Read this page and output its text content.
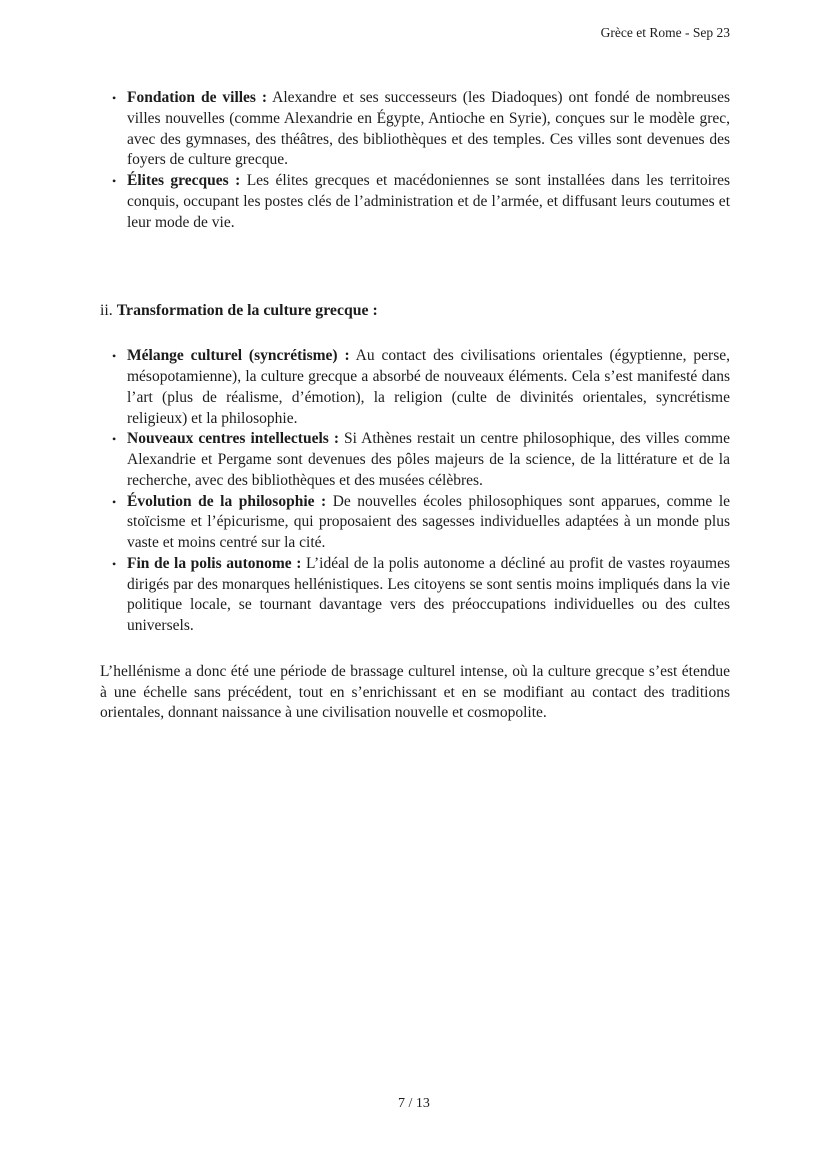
Grèce et Rome - Sep 23
• Fondation de villes : Alexandre et ses successeurs (les Diadoques) ont fondé de nombreuses villes nouvelles (comme Alexandrie en Égypte, Antioche en Syrie), conçues sur le modèle grec, avec des gymnases, des théâtres, des bibliothèques et des temples. Ces villes sont devenues des foyers de culture grecque.
• Élites grecques : Les élites grecques et macédoniennes se sont installées dans les territoires conquis, occupant les postes clés de l’administration et de l’armée, et diffusant leurs coutumes et leur mode de vie.
ii. Transformation de la culture grecque :
• Mélange culturel (syncrétisme) : Au contact des civilisations orientales (égyptienne, perse, mésopotamienne), la culture grecque a absorbé de nouveaux éléments. Cela s’est manifesté dans l’art (plus de réalisme, d’émotion), la religion (culte de divinités orientales, syncrétisme religieux) et la philosophie.
• Nouveaux centres intellectuels : Si Athènes restait un centre philosophique, des villes comme Alexandrie et Pergame sont devenues des pôles majeurs de la science, de la littérature et de la recherche, avec des bibliothèques et des musées célèbres.
• Évolution de la philosophie : De nouvelles écoles philosophiques sont apparues, comme le stoïcisme et l’épicurisme, qui proposaient des sagesses individuelles adaptées à un monde plus vaste et moins centré sur la cité.
• Fin de la polis autonome : L’idéal de la polis autonome a décliné au profit de vastes royaumes dirigés par des monarques hellénistiques. Les citoyens se sont sentis moins impliqués dans la vie politique locale, se tournant davantage vers des préoccupations individuelles ou des cultes universels.

L’hellénisme a donc été une période de brassage culturel intense, où la culture grecque s’est étendue à une échelle sans précédent, tout en s’enrichissant et en se modifiant au contact des traditions orientales, donnant naissance à une civilisation nouvelle et cosmopolite.

7 / 13
